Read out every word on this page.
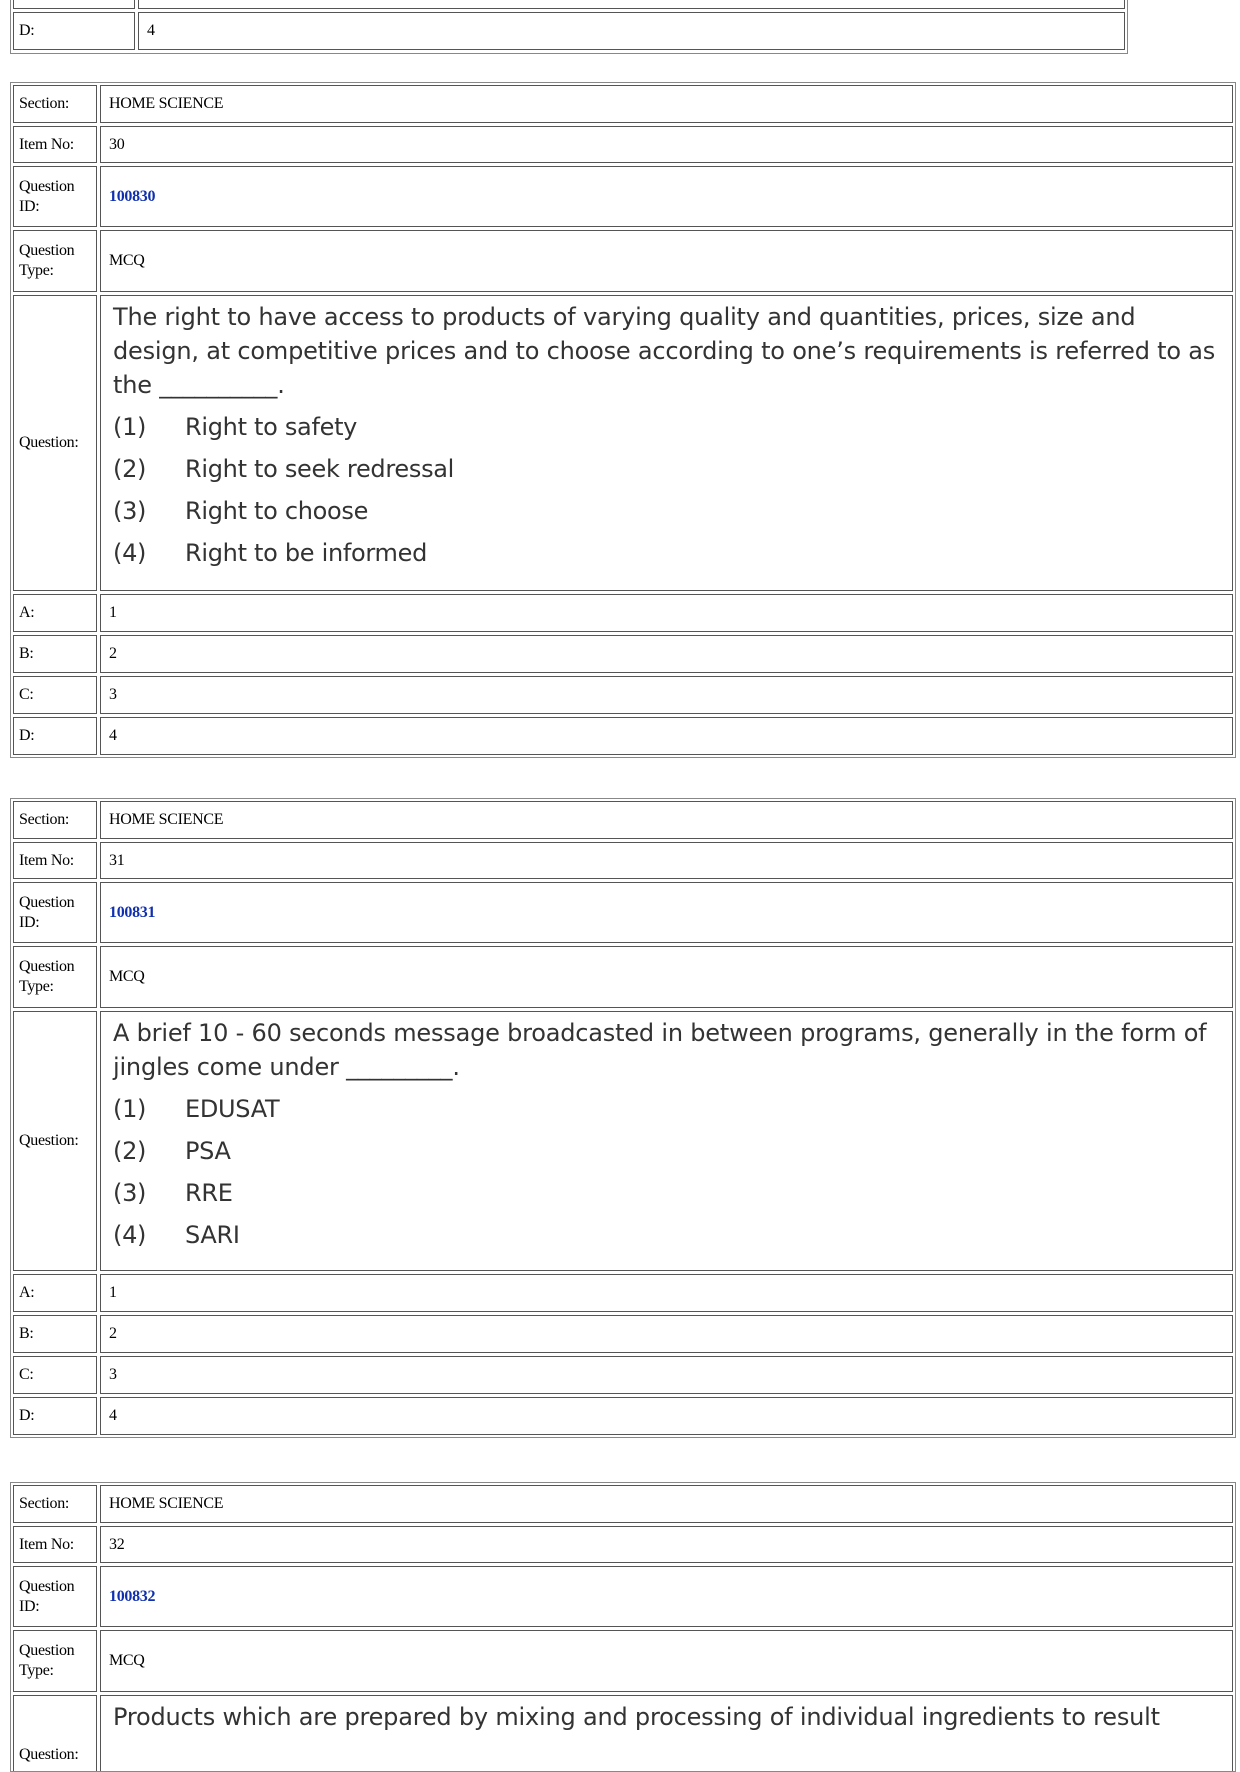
D:	4
Section:	HOME SCIENCE
Item No:	30
Question ID:
100830
Question Type:
MCQ
Question:
The right to have access to products of varying quality and quantities, prices, size and design, at competitive prices and to choose according to one’s requirements is referred to as the __________.
(1)	Right to safety
(2)	Right to seek redressal
(3)	Right to choose
(4)	Right to be informed
A:	1
B:	2
C:	3
D:	4
Section:	HOME SCIENCE
Item No:	31
Question ID:
100831
Question Type:
MCQ
Question:
A brief 10 - 60 seconds message broadcasted in between programs, generally in the form of jingles come under _________.
(1)	EDUSAT
(2)	PSA
(3)	RRE
(4)	SARI
A:	1
B:	2
C:	3
D:	4
Section:	HOME SCIENCE
Item No:	32
Question ID:
100832
Question Type:
MCQ
Question:
Products which are prepared by mixing and processing of individual ingredients to result
